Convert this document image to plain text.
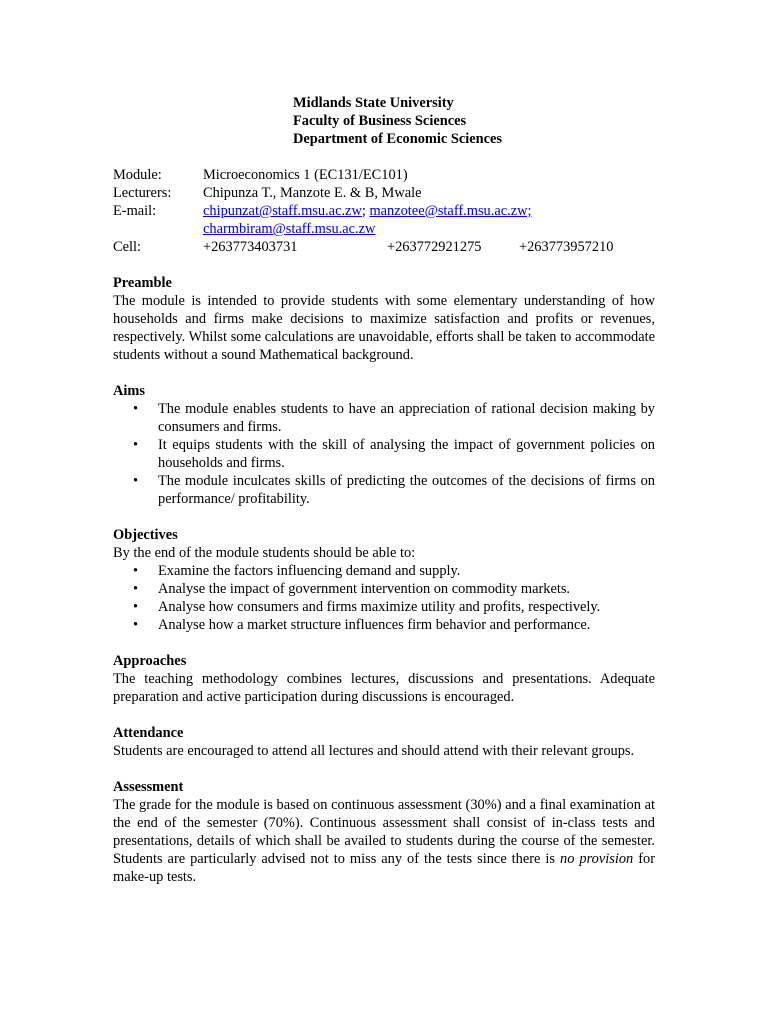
Midlands State University
Faculty of Business Sciences
Department of Economic Sciences
Module:	Microeconomics 1 (EC131/EC101)
Lecturers:	Chipunza T., Manzote E. & B, Mwale
E-mail:	chipunzat@staff.msu.ac.zw; manzotee@staff.msu.ac.zw;
charmbiram@staff.msu.ac.zw
Cell:	+263773403731	+263772921275	+263773957210
Preamble

The module is intended to provide students with some elementary understanding of how households and firms make decisions to maximize satisfaction and profits or revenues, respectively. Whilst some calculations are unavoidable, efforts shall be taken to accommodate students without a sound Mathematical background.

Aims
• The module enables students to have an appreciation of rational decision making by consumers and firms.
• It equips students with the skill of analysing the impact of government policies on households and firms.
• The module inculcates skills of predicting the outcomes of the decisions of firms on performance/ profitability.
Objectives

By the end of the module students should be able to:

• Examine the factors influencing demand and supply.
• Analyse the impact of government intervention on commodity markets.
• Analyse how consumers and firms maximize utility and profits, respectively.
• Analyse how a market structure influences firm behavior and performance.
Approaches

The teaching methodology combines lectures, discussions and presentations. Adequate preparation and active participation during discussions is encouraged.

Attendance

Students are encouraged to attend all lectures and should attend with their relevant groups.

Assessment

The grade for the module is based on continuous assessment (30%) and a final examination at the end of the semester (70%). Continuous assessment shall consist of in-class tests and presentations, details of which shall be availed to students during the course of the semester. Students are particularly advised not to miss any of the tests since there is no provision for make-up tests.
